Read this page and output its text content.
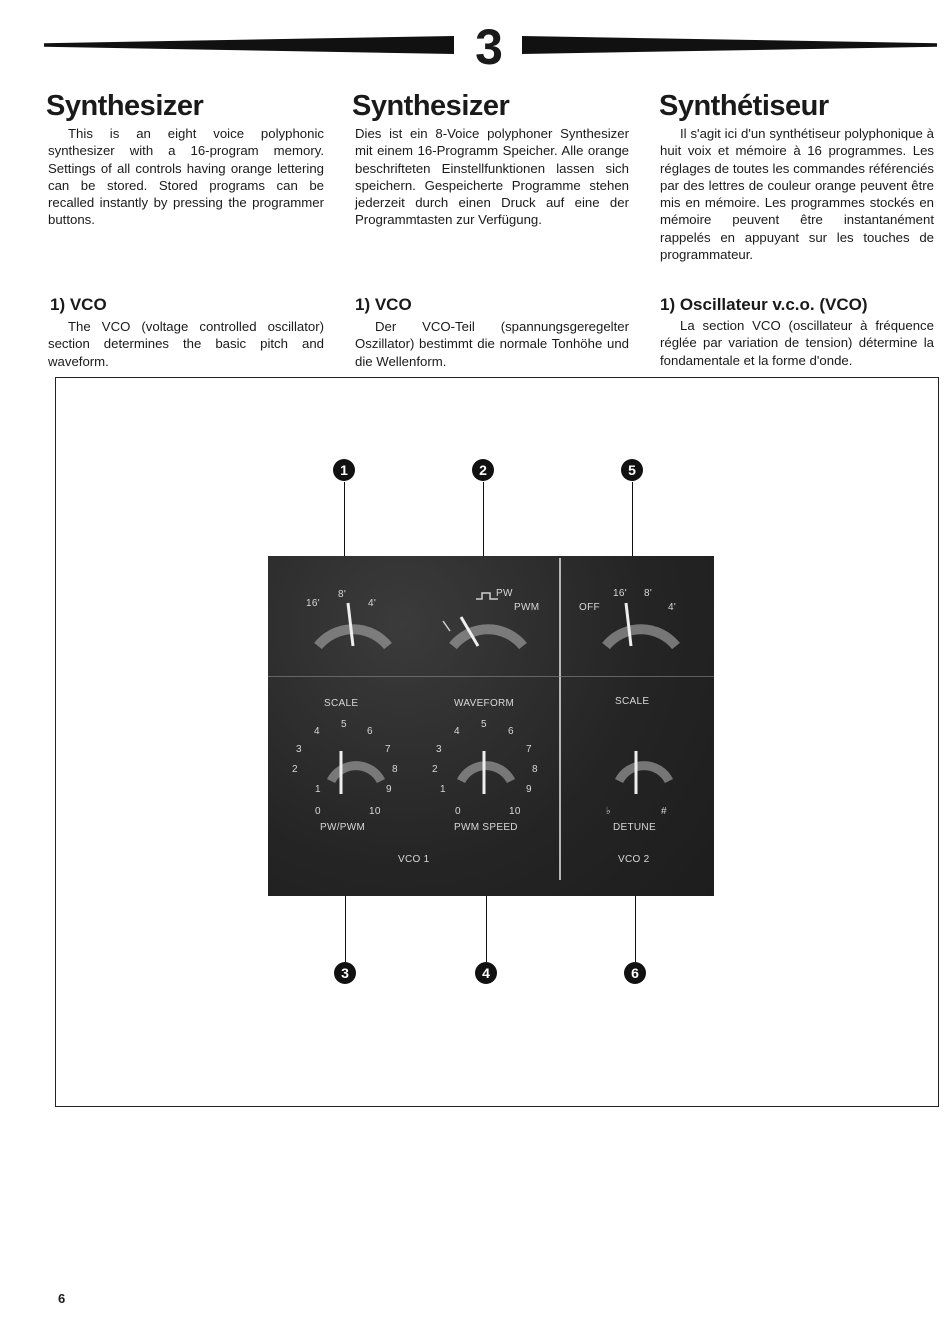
3
Synthesizer
This is an eight voice polyphonic synthesizer with a 16-program memory. Settings of all controls having orange lettering can be stored. Stored programs can be recalled instantly by pressing the programmer buttons.
1) VCO
The VCO (voltage controlled oscillator) section determines the basic pitch and waveform.
Synthesizer
Dies ist ein 8-Voice polyphoner Synthesizer mit einem 16-Programm Speicher. Alle orange beschrifteten Einstellfunktionen lassen sich speichern. Gespeicherte Programme stehen jederzeit durch einen Druck auf eine der Programmtasten zur Verfügung.
1) VCO
Der VCO-Teil (spannungsgeregelter Oszillator) bestimmt die normale Tonhöhe und die Wellenform.
Synthétiseur
Il s'agit ici d'un synthétiseur polyphonique à huit voix et mémoire à 16 programmes. Les réglages de toutes les commandes référenciés par des lettres de couleur orange peuvent être mis en mémoire. Les programmes stockés en mémoire peuvent être instantanément rappelés en appuyant sur les touches de programmateur.
1) Oscillateur v.c.o. (VCO)
La section VCO (oscillateur à fréquence réglée par variation de tension) détermine la fondamentale et la forme d'onde.
1	2	5
16'
8'
4'
SCALE
PW
PWM
WAVEFORM
OFF
16' 8'
4'
SCALE
1
2
3
4
5
6
7
8
9
0	10
PW/PWM
1
2
3
4
5
6
7
8
9
0	10
PWM SPEED
♭	#
DETUNE
VCO 1	VCO 2
3	4	6
6
